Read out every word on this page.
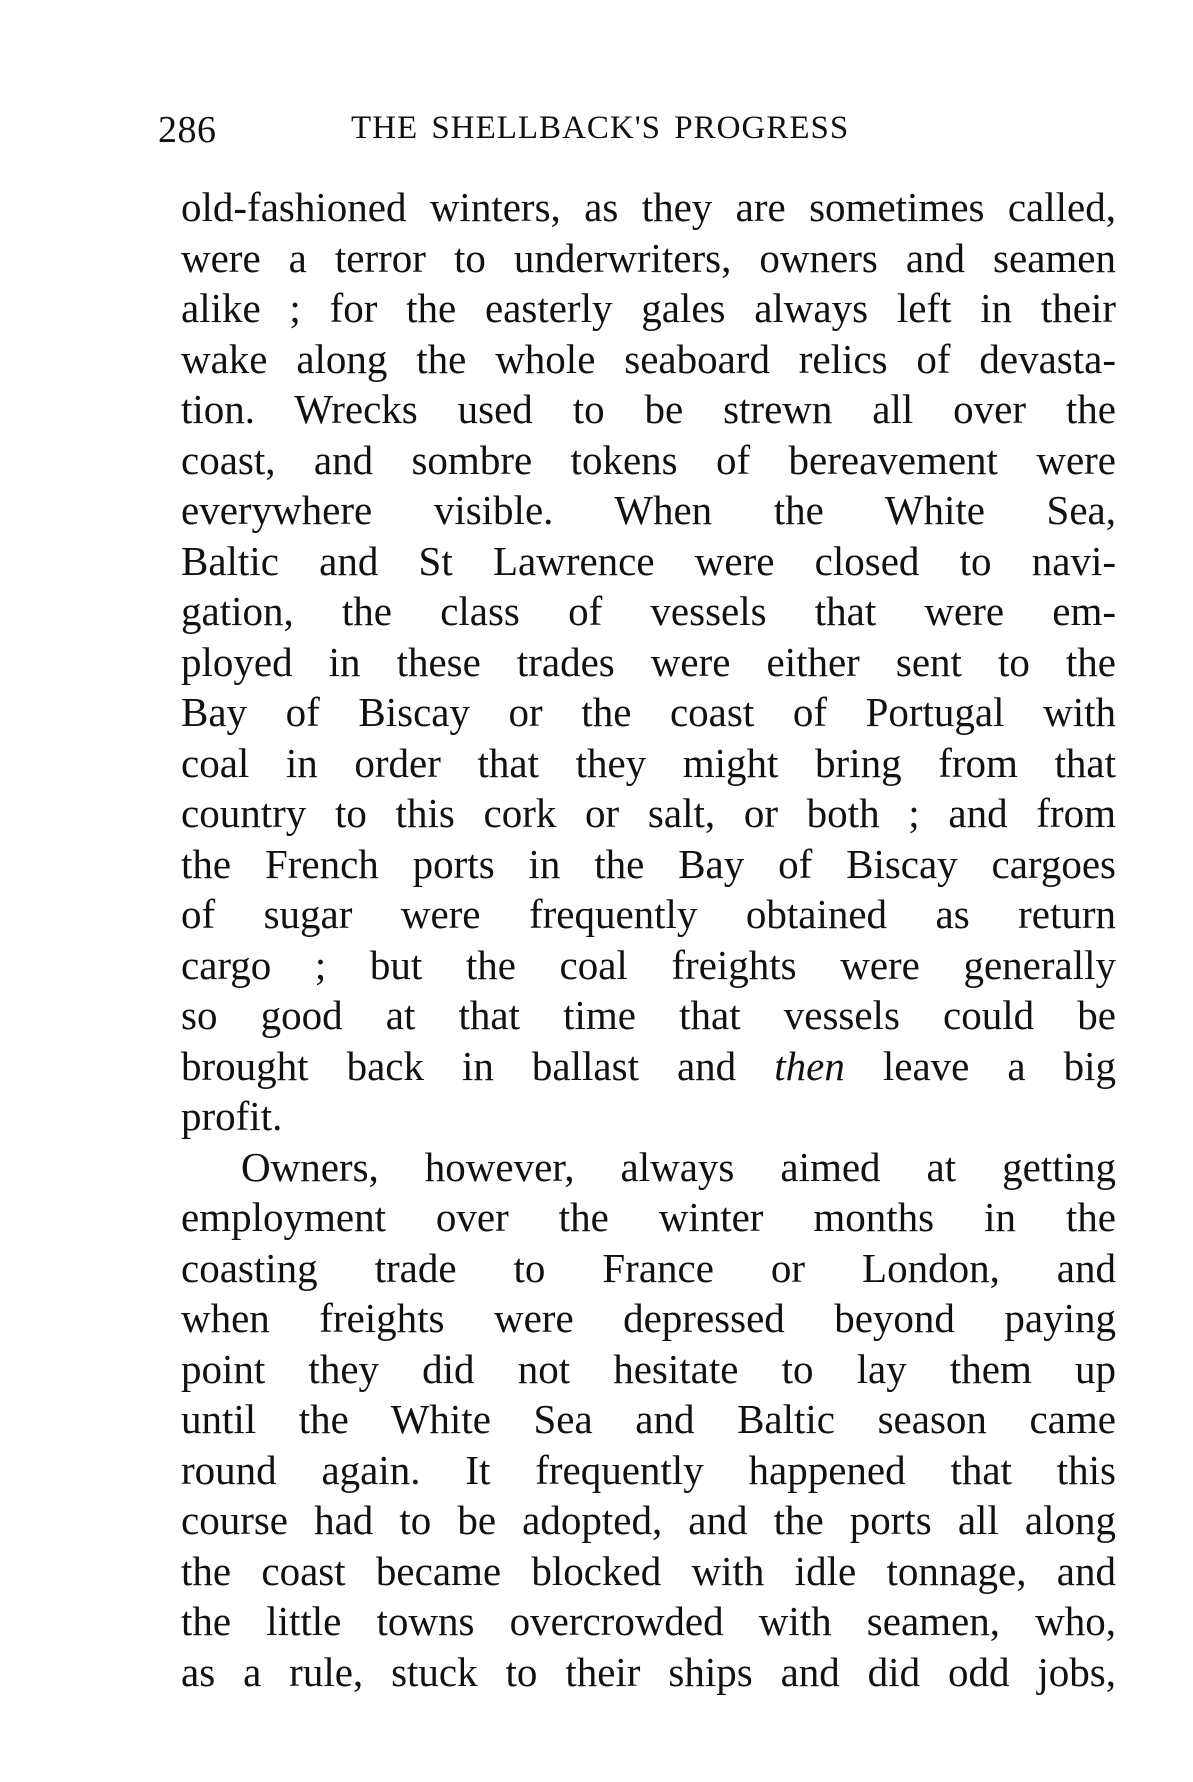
286	THE SHELLBACK'S PROGRESS
old-fashioned winters, as they are sometimes called,
were a terror to underwriters, owners and seamen
alike ; for the easterly gales always left in their
wake along the whole seaboard relics of devasta-
tion. Wrecks used to be strewn all over the
coast, and sombre tokens of bereavement were
everywhere visible. When the White Sea,
Baltic and St Lawrence were closed to navi-
gation, the class of vessels that were em-
ployed in these trades were either sent to the
Bay of Biscay or the coast of Portugal with
coal in order that they might bring from that
country to this cork or salt, or both ; and from
the French ports in the Bay of Biscay cargoes
of sugar were frequently obtained as return
cargo ; but the coal freights were generally
so good at that time that vessels could be
brought back in ballast and then leave a big
profit.
Owners, however, always aimed at getting
employment over the winter months in the
coasting trade to France or London, and
when freights were depressed beyond paying
point they did not hesitate to lay them up
until the White Sea and Baltic season came
round again. It frequently happened that this
course had to be adopted, and the ports all along
the coast became blocked with idle tonnage, and
the little towns overcrowded with seamen, who,
as a rule, stuck to their ships and did odd jobs,
